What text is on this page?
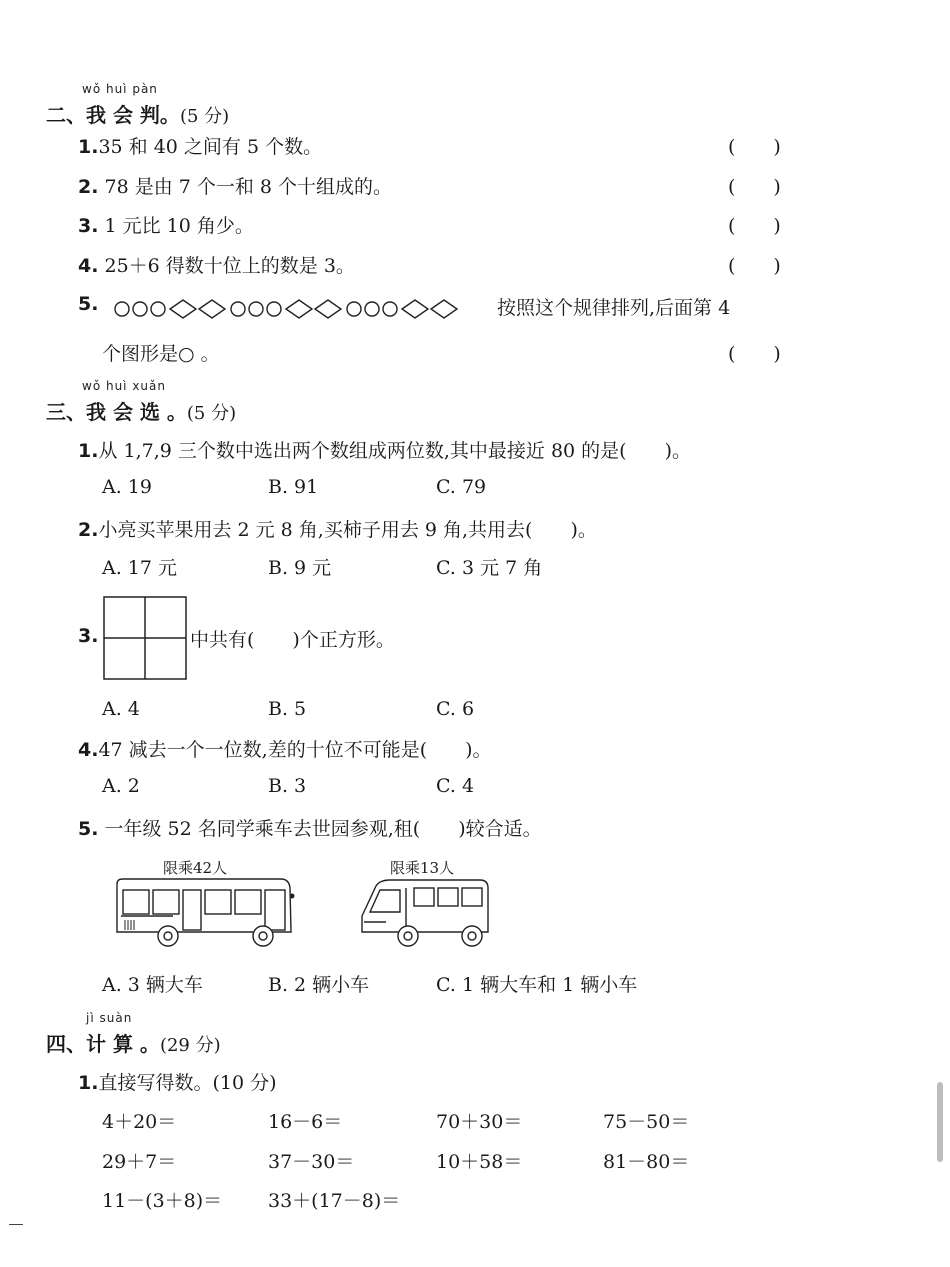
wǒ huì pàn
二、我 会 判。(5 分)
1.35 和 40 之间有 5 个数。	(　　)
2. 78 是由 7 个一和 8 个十组成的。	(　　)
3. 1 元比 10 角少。	(　　)
4. 25＋6 得数十位上的数是 3。	(　　)
5.	按照这个规律排列,后面第 4
个图形是○ 。	(　　)
wǒ huì xuǎn
三、我 会 选 。(5 分)
1.从 1,7,9 三个数中选出两个数组成两位数,其中最接近 80 的是(　　)。
A. 19	B. 91	C. 79
2.小亮买苹果用去 2 元 8 角,买柿子用去 9 角,共用去(　　)。
A. 17 元	B. 9 元	C. 3 元 7 角
3.	中共有(　　)个正方形。
A. 4	B. 5	C. 6
4.47 减去一个一位数,差的十位不可能是(　　)。
A. 2	B. 3	C. 4
5. 一年级 52 名同学乘车去世园参观,租(　　)较合适。
限乘42人	限乘13人
A. 3 辆大车	B. 2 辆小车	C. 1 辆大车和 1 辆小车
jì suàn
四、计 算 。(29 分)
1.直接写得数。(10 分)
4＋20＝	16－6＝	70＋30＝	75－50＝
29＋7＝	37－30＝	10＋58＝	81－80＝
11－(3＋8)＝ 33＋(17－8)＝
